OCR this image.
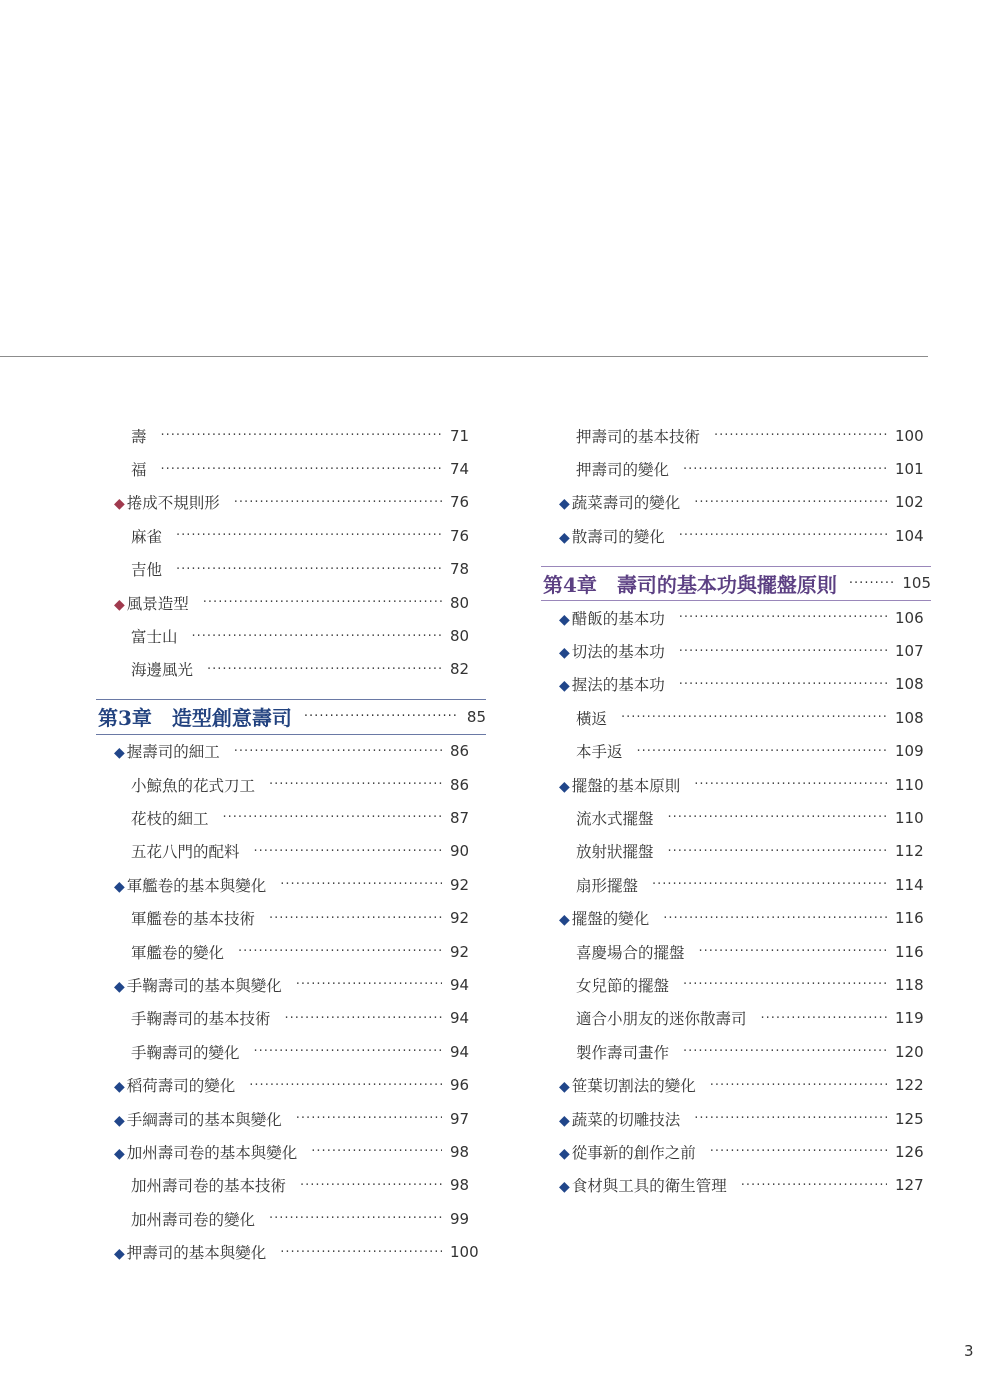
壽 ·····	71
福 ·····	74
◆ 捲成不規則形 ·····	76
麻雀 ·····	76
吉他 ·····	78
◆ 風景造型 ·····	80
富士山 ·····	80
海邊風光 ·····	82
第3章　造型創意壽司 ·····	85
◆ 握壽司的細工 ·····	86
小鯨魚的花式刀工 ·····	86
花枝的細工 ·····	87
五花八門的配料 ·····	90
◆ 軍艦卷的基本與變化 ·····	92
軍艦卷的基本技術 ·····	92
軍艦卷的變化 ·····	92
◆ 手鞠壽司的基本與變化 ·····	94
手鞠壽司的基本技術 ·····	94
手鞠壽司的變化 ·····	94
◆ 稻荷壽司的變化 ·····	96
◆ 手綱壽司的基本與變化 ·····	97
◆ 加州壽司卷的基本與變化 ·····	98
加州壽司卷的基本技術 ·····	98
加州壽司卷的變化 ·····	99
◆ 押壽司的基本與變化 ·····	100
押壽司的基本技術 ·····	100
押壽司的變化 ·····	101
◆ 蔬菜壽司的變化 ·····	102
◆ 散壽司的變化 ·····	104
第4章　壽司的基本功與擺盤原則 ·····	105
◆ 醋飯的基本功 ·····	106
◆ 切法的基本功 ·····	107
◆ 握法的基本功 ·····	108
橫返 ·····	108
本手返 ·····	109
◆ 擺盤的基本原則 ·····	110
流水式擺盤 ·····	110
放射狀擺盤 ·····	112
扇形擺盤 ·····	114
◆ 擺盤的變化 ·····	116
喜慶場合的擺盤 ·····	116
女兒節的擺盤 ·····	118
適合小朋友的迷你散壽司 ·····	119
製作壽司畫作 ·····	120
◆ 笹葉切割法的變化 ·····	122
◆ 蔬菜的切雕技法 ·····	125
◆ 從事新的創作之前 ·····	126
◆ 食材與工具的衛生管理 ·····	127
3
